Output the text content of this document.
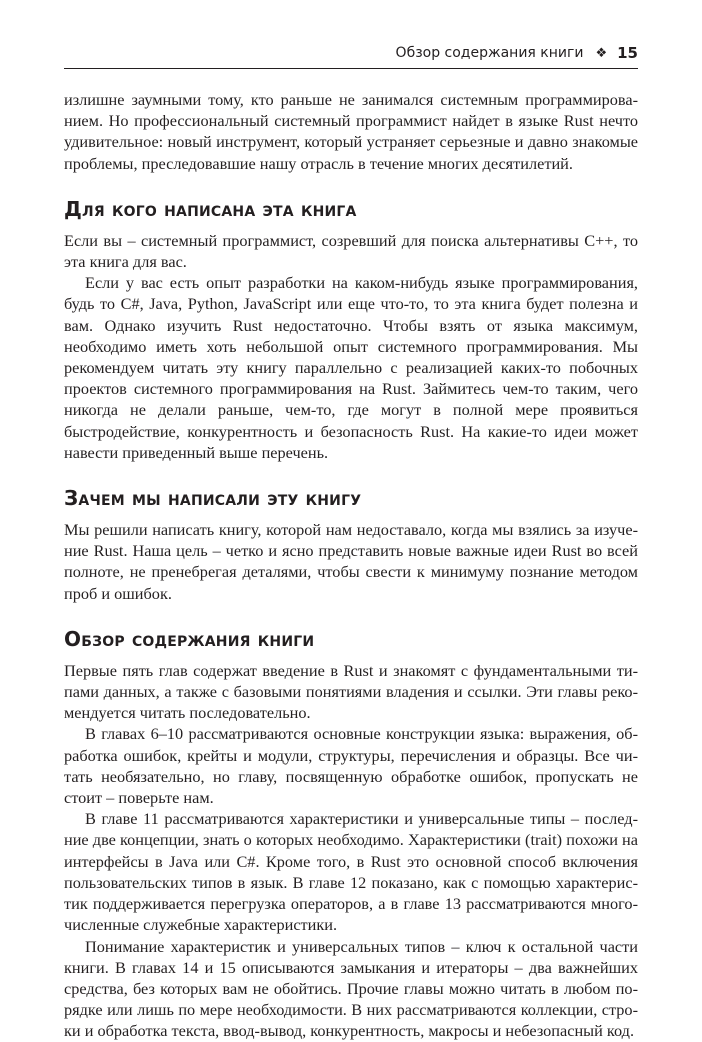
Обзор содержания книги ❖ 15

излишне заумными тому, кто раньше не занимался системным программированием. Но профессиональный системный программист найдет в языке Rust нечто удивительное: новый инструмент, который устраняет серьезные и давно знакомые проблемы, преследовавшие нашу отрасль в течение многих десятилетий.

Для кого написана эта книга

Если вы – системный программист, созревший для поиска альтернативы C++, то эта книга для вас.

Если у вас есть опыт разработки на каком-нибудь языке программирования, будь то C#, Java, Python, JavaScript или еще что-то, то эта книга будет полезна и вам. Однако изучить Rust недостаточно. Чтобы взять от языка максимум, необходимо иметь хоть небольшой опыт системного программирования. Мы рекомендуем читать эту книгу параллельно с реализацией каких-то побочных проектов системного программирования на Rust. Займитесь чем-то таким, чего никогда не делали раньше, чем-то, где могут в полной мере проявиться быстродействие, конкурентность и безопасность Rust. На какие-то идеи может навести приведенный выше перечень.

Зачем мы написали эту книгу

Мы решили написать книгу, которой нам недоставало, когда мы взялись за изучение Rust. Наша цель – четко и ясно представить новые важные идеи Rust во всей полноте, не пренебрегая деталями, чтобы свести к минимуму познание методом проб и ошибок.

Обзор содержания книги

Первые пять глав содержат введение в Rust и знакомят с фундаментальными типами данных, а также с базовыми понятиями владения и ссылки. Эти главы рекомендуется читать последовательно.

В главах 6–10 рассматриваются основные конструкции языка: выражения, обработка ошибок, крейты и модули, структуры, перечисления и образцы. Все читать необязательно, но главу, посвященную обработке ошибок, пропускать не стоит – поверьте нам.

В главе 11 рассматриваются характеристики и универсальные типы – последние две концепции, знать о которых необходимо. Характеристики (trait) похожи на интерфейсы в Java или C#. Кроме того, в Rust это основной способ включения пользовательских типов в язык. В главе 12 показано, как с помощью характеристик поддерживается перегрузка операторов, а в главе 13 рассматриваются многочисленные служебные характеристики.

Понимание характеристик и универсальных типов – ключ к остальной части книги. В главах 14 и 15 описываются замыкания и итераторы – два важнейших средства, без которых вам не обойтись. Прочие главы можно читать в любом порядке или лишь по мере необходимости. В них рассматриваются коллекции, строки и обработка текста, ввод-вывод, конкурентность, макросы и небезопасный код.
